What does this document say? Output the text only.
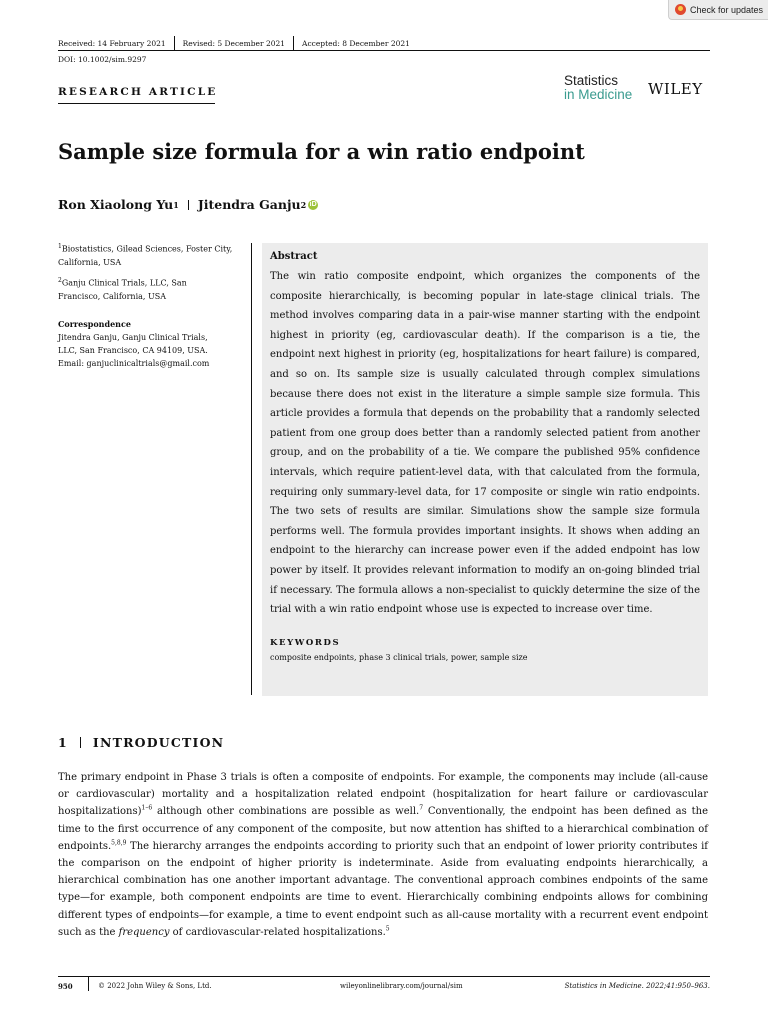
Check for updates
Received: 14 February 2021 Revised: 5 December 2021 Accepted: 8 December 2021
DOI: 10.1002/sim.9297
RESEARCH ARTICLE
Statistics
in Medicine WILEY
Sample size formula for a win ratio endpoint
Ron Xiaolong Yu 1 Jitendra Ganju 2 iD
$^1$Biostatistics, Gilead Sciences, Foster City, California, USA
$^2$Ganju Clinical Trials, LLC, San Francisco, California, USA
Correspondence
Jitendra Ganju, Ganju Clinical Trials,
LLC, San Francisco, CA 94109, USA.
Email: ganjuclinicaltrials@gmail.com
Abstract

The win ratio composite endpoint, which organizes the components of the composite hierarchically, is becoming popular in late-stage clinical trials. The method involves comparing data in a pair-wise manner starting with the endpoint highest in priority (eg, cardiovascular death). If the comparison is a tie, the endpoint next highest in priority (eg, hospitalizations for heart failure) is compared, and so on. Its sample size is usually calculated through complex simulations because there does not exist in the literature a simple sample size formula. This article provides a formula that depends on the probability that a randomly selected patient from one group does better than a randomly selected patient from another group, and on the probability of a tie. We compare the published 95% confidence intervals, which require patient-level data, with that calculated from the formula, requiring only summary-level data, for 17 composite or single win ratio endpoints. The two sets of results are similar. Simulations show the sample size formula performs well. The formula provides important insights. It shows when adding an endpoint to the hierarchy can increase power even if the added endpoint has low power by itself. It provides relevant information to modify an on-going blinded trial if necessary. The formula allows a non-specialist to quickly determine the size of the trial with a win ratio endpoint whose use is expected to increase over time.

KEYWORDS
composite endpoints, phase 3 clinical trials, power, sample size
1 INTRODUCTION
The primary endpoint in Phase 3 trials is often a composite of endpoints. For example, the components may include (all-cause or cardiovascular) mortality and a hospitalization related endpoint (hospitalization for heart failure or cardiovascular hospitalizations)$^{1-6}$ although other combinations are possible as well.$^7$ Conventionally, the endpoint has been defined as the time to the first occurrence of any component of the composite, but now attention has shifted to a hierarchical combination of endpoints.$^{5,8,9}$ The hierarchy arranges the endpoints according to priority such that an endpoint of lower priority contributes if the comparison on the endpoint of higher priority is indeterminate. Aside from evaluating endpoints hierarchically, a hierarchical combination has one another important advantage. The conventional approach combines endpoints of the same type—for example, both component endpoints are time to event. Hierarchically combining endpoints allows for combining different types of endpoints—for example, a time to event endpoint such as all-cause mortality with a recurrent event endpoint such as the frequency of cardiovascular-related hospitalizations.$^5$
950	© 2022 John Wiley & Sons, Ltd.	wileyonlinelibrary.com/journal/sim	Statistics in Medicine. 2022;41:950–963.
